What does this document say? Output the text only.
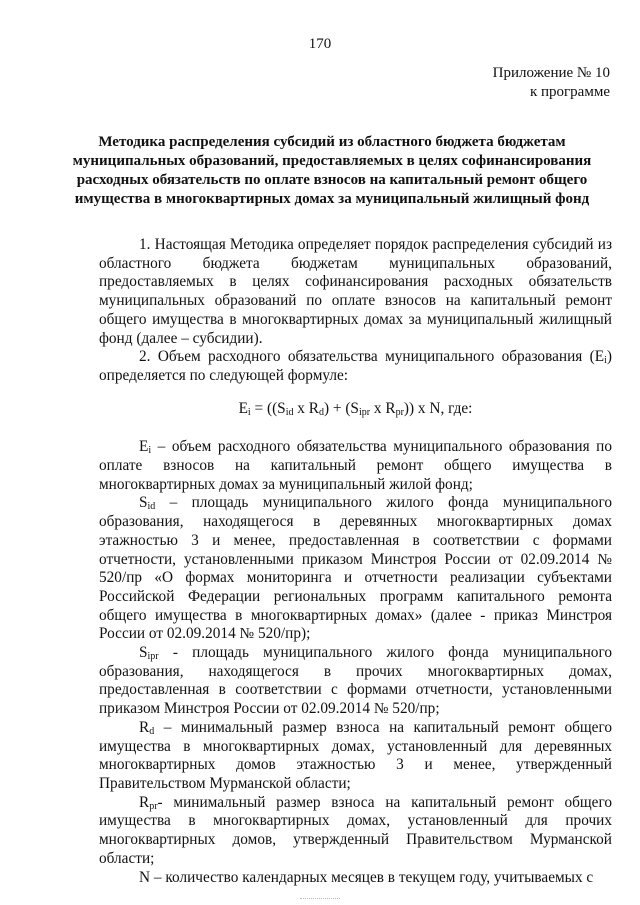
170
Приложение № 10
к программе
Методика распределения субсидий из областного бюджета бюджетам муниципальных образований, предоставляемых в целях софинансирования расходных обязательств по оплате взносов на капитальный ремонт общего имущества в многоквартирных домах за муниципальный жилищный фонд

1. Настоящая Методика определяет порядок распределения субсидий из областного бюджета бюджетам муниципальных образований, предоставляемых в целях софинансирования расходных обязательств муниципальных образований по оплате взносов на капитальный ремонт общего имущества в многоквартирных домах за муниципальный жилищный фонд (далее – субсидии).

2. Объем расходного обязательства муниципального образования $(E_i)$ определяется по следующей формуле:

$E_i = ((S_{id}$ x $R_d) + (S_{ipr}$ x $R_{pr}$)) x N, где:

$E_i$ – объем расходного обязательства муниципального образования по оплате взносов на капитальный ремонт общего имущества в многоквартирных домах за муниципальный жилой фонд;

$S_{id}$ – площадь муниципального жилого фонда муниципального образования, находящегося в деревянных многоквартирных домах этажностью 3 и менее, предоставленная в соответствии с формами отчетности, установленными приказом Минстроя России от 02.09.2014 № 520/пр «О формах мониторинга и отчетности реализации субъектами Российской Федерации региональных программ капитального ремонта общего имущества в многоквартирных домах» (далее - приказ Минстроя России от 02.09.2014 № 520/пр);

$S_{ipr}$ - площадь муниципального жилого фонда муниципального образования, находящегося в прочих многоквартирных домах, предоставленная в соответствии с формами отчетности, установленными приказом Минстроя России от 02.09.2014 № 520/пр;

$R_d$ – минимальный размер взноса на капитальный ремонт общего имущества в многоквартирных домах, установленный для деревянных многоквартирных домов этажностью 3 и менее, утвержденный Правительством Мурманской области;

$R_{pr}-$ минимальный размер взноса на капитальный ремонт общего имущества в многоквартирных домах, установленный для прочих многоквартирных домов, утвержденный Правительством Мурманской области;

N – количество календарных месяцев в текущем году, учитываемых с
